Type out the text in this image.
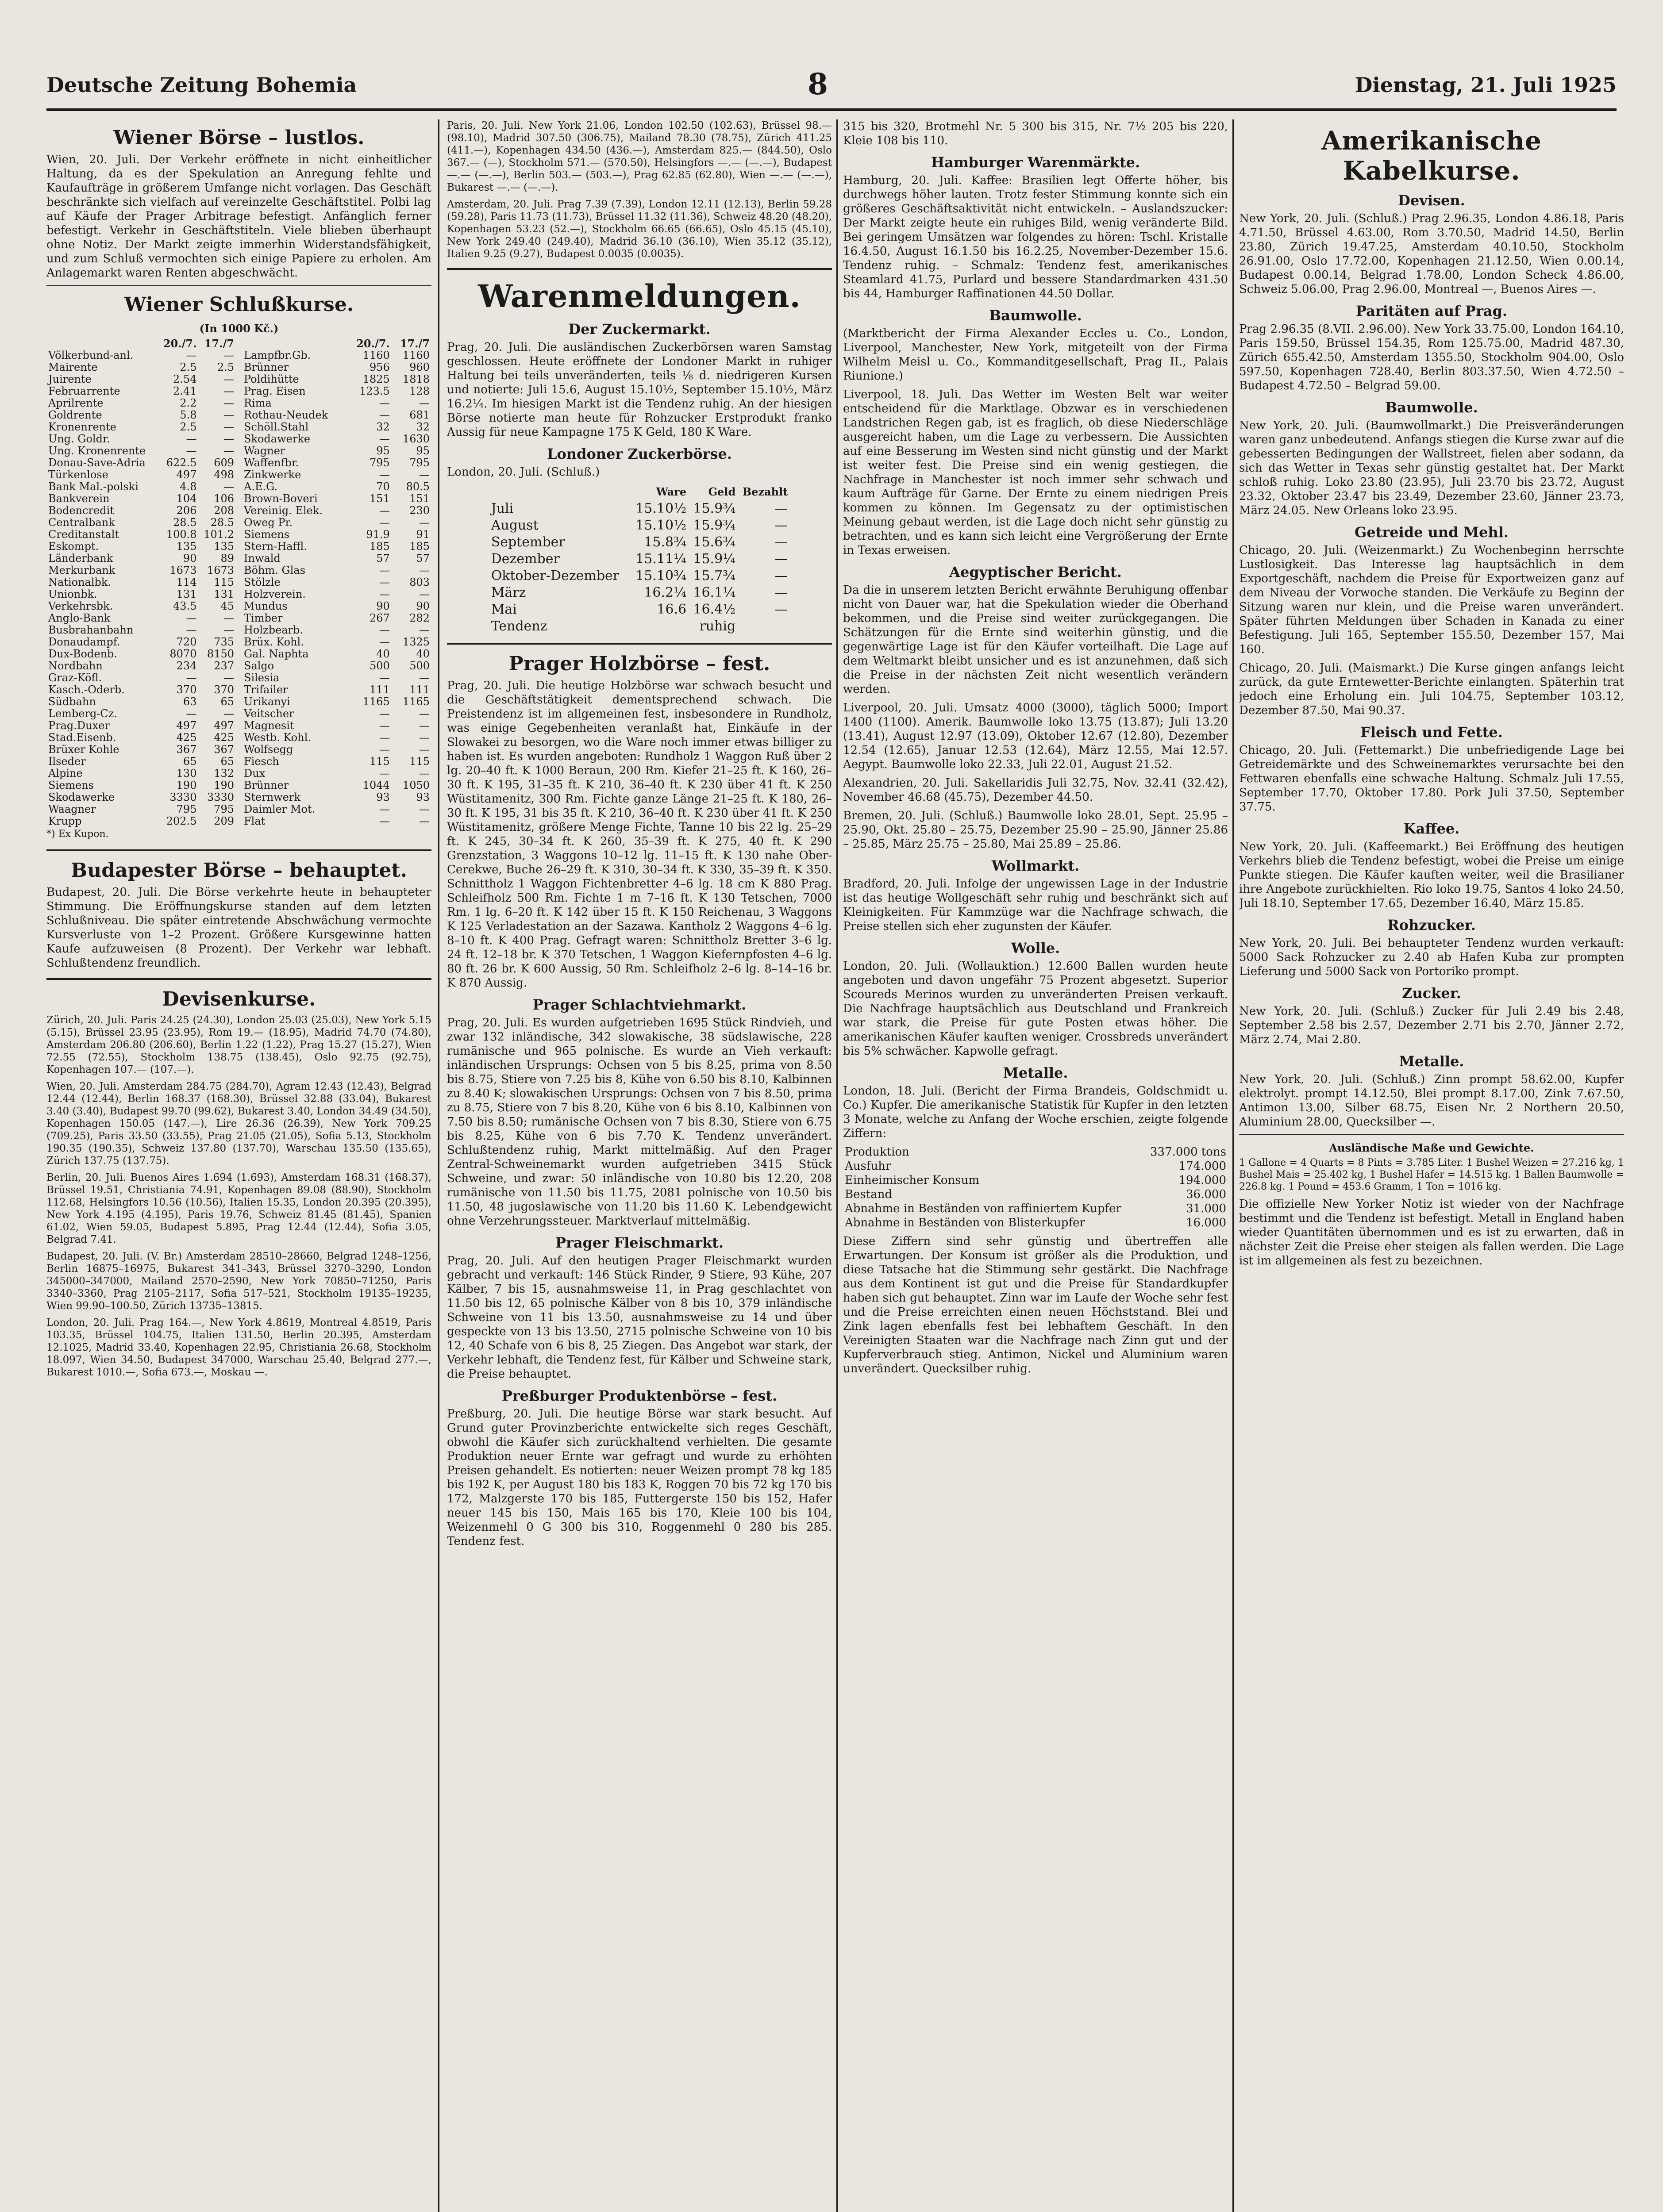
Deutsche Zeitung Bohemia	8	Dienstag, 21. Juli 1925
Wiener Börse – lustlos.

Wien, 20. Juli. Der Verkehr eröffnete in nicht einheitlicher Haltung, da es der Spekulation an Anregung fehlte und Kaufaufträge in größerem Umfange nicht vorlagen. Das Geschäft beschränkte sich vielfach auf vereinzelte Geschäftstitel. Polbi lag auf Käufe der Prager Arbitrage befestigt. Anfänglich ferner befestigt. Verkehr in Geschäftstiteln. Viele blieben überhaupt ohne Notiz. Der Markt zeigte immerhin Widerstandsfähigkeit, und zum Schluß vermochten sich einige Papiere zu erholen. Am Anlagemarkt waren Renten abgeschwächt.

Wiener Schlußkurse.
(In 1000 Kč.)
	20./7.	17./7
Völkerbund-anl.	—	—
Mairente	2.5	2.5
Juirente	2.54	—
Februarrente	2.41	—
Aprilrente	2.2	—
Goldrente	5.8	—
Kronenrente	2.5	—
Ung. Goldr.	—	—
Ung. Kronenrente	—	—
Donau-Save-Adria	622.5	609
Türkenlose	497	498
Bank Mal.-polski	4.8	—
Bankverein	104	106
Bodencredit	206	208
Centralbank	28.5	28.5
Creditanstalt	100.8	101.2
Eskompt.	135	135
Länderbank	90	89
Merkurbank	1673	1673
Nationalbk.	114	115
Unionbk.	131	131
Verkehrsbk.	43.5	45
Anglo-Bank	—	—
Busbrahanbahn	—	—
Donaudampf.	720	735
Dux-Bodenb.	8070	8150
Nordbahn	234	237
Graz-Köfl.	—	—
Kasch.-Oderb.	370	370
Südbahn	63	65
Lemberg-Cz.	—	—
Prag.Duxer	497	497
Stad.Eisenb.	425	425
Brüxer Kohle	367	367
Ilseder	65	65
Alpine	130	132
Siemens	190	190
Skodawerke	3330	3330
Waagner	795	795
Krupp	202.5	209
	20./7.	17./7
Lampfbr.Gb.	1160	1160
Brünner	956	960
Poldihütte	1825	1818
Prag. Eisen	123.5	128
Rima	—	—
Rothau-Neudek	—	681
Schöll.Stahl	32	32
Skodawerke	—	1630
Wagner	95	95
Waffenfbr.	795	795
Zinkwerke	—	—
A.E.G.	70	80.5
Brown-Boveri	151	151
Vereinig. Elek.	—	230
Oweg Pr.	—	—
Siemens	91.9	91
Stern-Haffl.	185	185
Inwald	57	57
Böhm. Glas	—	—
Stölzle	—	803
Holzverein.	—	—
Mundus	90	90
Timber	267	282
Holzbearb.	—	—
Brüx. Kohl.	—	1325
Gal. Naphta	40	40
Salgo	500	500
Silesia	—	—
Trifailer	111	111
Urikanyi	1165	1165
Veitscher	—	—
Magnesit	—	—
Westb. Kohl.	—	—
Wolfsegg	—	—
Fiesch	115	115
Dux	—	—
Brünner	1044	1050
Sternwerk	93	93
Daimler Mot.	—	—
Flat	—	—

*) Ex Kupon.

Budapester Börse – behauptet.

Budapest, 20. Juli. Die Börse verkehrte heute in behaupteter Stimmung. Die Eröffnungskurse standen auf dem letzten Schlußniveau. Die später eintretende Abschwächung vermochte Kursverluste von 1–2 Prozent. Größere Kursgewinne hatten Kaufe aufzuweisen (8 Prozent). Der Verkehr war lebhaft. Schlußtendenz freundlich.

Devisenkurse.

Zürich, 20. Juli. Paris 24.25 (24.30), London 25.03 (25.03), New York 5.15 (5.15), Brüssel 23.95 (23.95), Rom 19.— (18.95), Madrid 74.70 (74.80), Amsterdam 206.80 (206.60), Berlin 1.22 (1.22), Prag 15.27 (15.27), Wien 72.55 (72.55), Stockholm 138.75 (138.45), Oslo 92.75 (92.75), Kopenhagen 107.— (107.—).

Wien, 20. Juli. Amsterdam 284.75 (284.70), Agram 12.43 (12.43), Belgrad 12.44 (12.44), Berlin 168.37 (168.30), Brüssel 32.88 (33.04), Bukarest 3.40 (3.40), Budapest 99.70 (99.62), Bukarest 3.40, London 34.49 (34.50), Kopenhagen 150.05 (147.—), Lire 26.36 (26.39), New York 709.25 (709.25), Paris 33.50 (33.55), Prag 21.05 (21.05), Sofia 5.13, Stockholm 190.35 (190.35), Schweiz 137.80 (137.70), Warschau 135.50 (135.65), Zürich 137.75 (137.75).

Berlin, 20. Juli. Buenos Aires 1.694 (1.693), Amsterdam 168.31 (168.37), Brüssel 19.51, Christiania 74.91, Kopenhagen 89.08 (88.90), Stockholm 112.68, Helsingfors 10.56 (10.56), Italien 15.35, London 20.395 (20.395), New York 4.195 (4.195), Paris 19.76, Schweiz 81.45 (81.45), Spanien 61.02, Wien 59.05, Budapest 5.895, Prag 12.44 (12.44), Sofia 3.05, Belgrad 7.41.

Budapest, 20. Juli. (V. Br.) Amsterdam 28510–28660, Belgrad 1248–1256, Berlin 16875–16975, Bukarest 341–343, Brüssel 3270–3290, London 345000–347000, Mailand 2570–2590, New York 70850–71250, Paris 3340–3360, Prag 2105–2117, Sofia 517–521, Stockholm 19135–19235, Wien 99.90–100.50, Zürich 13735–13815.

London, 20. Juli. Prag 164.—, New York 4.8619, Montreal 4.8519, Paris 103.35, Brüssel 104.75, Italien 131.50, Berlin 20.395, Amsterdam 12.1025, Madrid 33.40, Kopenhagen 22.95, Christiania 26.68, Stockholm 18.097, Wien 34.50, Budapest 347000, Warschau 25.40, Belgrad 277.—, Bukarest 1010.—, Sofia 673.—, Moskau —.

Paris, 20. Juli. New York 21.06, London 102.50 (102.63), Brüssel 98.— (98.10), Madrid 307.50 (306.75), Mailand 78.30 (78.75), Zürich 411.25 (411.—), Kopenhagen 434.50 (436.—), Amsterdam 825.— (844.50), Oslo 367.— (—), Stockholm 571.— (570.50), Helsingfors —.— (—.—), Budapest —.— (—.—), Berlin 503.— (503.—), Prag 62.85 (62.80), Wien —.— (—.—), Bukarest —.— (—.—).

Amsterdam, 20. Juli. Prag 7.39 (7.39), London 12.11 (12.13), Berlin 59.28 (59.28), Paris 11.73 (11.73), Brüssel 11.32 (11.36), Schweiz 48.20 (48.20), Kopenhagen 53.23 (52.—), Stockholm 66.65 (66.65), Oslo 45.15 (45.10), New York 249.40 (249.40), Madrid 36.10 (36.10), Wien 35.12 (35.12), Italien 9.25 (9.27), Budapest 0.0035 (0.0035).

Warenmeldungen.
Der Zuckermarkt.

Prag, 20. Juli. Die ausländischen Zuckerbörsen waren Samstag geschlossen. Heute eröffnete der Londoner Markt in ruhiger Haltung bei teils unveränderten, teils ⅛ d. niedrigeren Kursen und notierte: Juli 15.6, August 15.10½, September 15.10½, März 16.2¼. Im hiesigen Markt ist die Tendenz ruhig. An der hiesigen Börse notierte man heute für Rohzucker Erstprodukt franko Aussig für neue Kampagne 175 K Geld, 180 K Ware.

Londoner Zuckerbörse.

London, 20. Juli. (Schluß.)

	Ware	Geld	Bezahlt
Juli	15.10½	15.9¾	—
August	15.10½	15.9¾	—
September	15.8¾	15.6¾	—
Dezember	15.11¼	15.9¼	—
Oktober-Dezember	15.10¾	15.7¾	—
März	16.2¼	16.1¼	—
Mai	16.6	16.4½	—
Tendenz		ruhig	
Prager Holzbörse – fest.

Prag, 20. Juli. Die heutige Holzbörse war schwach besucht und die Geschäftstätigkeit dementsprechend schwach. Die Preistendenz ist im allgemeinen fest, insbesondere in Rundholz, was einige Gegebenheiten veranlaßt hat, Einkäufe in der Slowakei zu besorgen, wo die Ware noch immer etwas billiger zu haben ist. Es wurden angeboten: Rundholz 1 Waggon Ruß über 2 lg. 20–40 ft. K 1000 Beraun, 200 Rm. Kiefer 21–25 ft. K 160, 26–30 ft. K 195, 31–35 ft. K 210, 36–40 ft. K 230 über 41 ft. K 250 Wüstitamenitz, 300 Rm. Fichte ganze Länge 21–25 ft. K 180, 26–30 ft. K 195, 31 bis 35 ft. K 210, 36–40 ft. K 230 über 41 ft. K 250 Wüstitamenitz, größere Menge Fichte, Tanne 10 bis 22 lg. 25–29 ft. K 245, 30–34 ft. K 260, 35–39 ft. K 275, 40 ft. K 290 Grenzstation, 3 Waggons 10–12 lg. 11–15 ft. K 130 nahe Ober-Cerekwe, Buche 26–29 ft. K 310, 30–34 ft. K 330, 35–39 ft. K 350. Schnittholz 1 Waggon Fichtenbretter 4–6 lg. 18 cm K 880 Prag. Schleifholz 500 Rm. Fichte 1 m 7–16 ft. K 130 Tetschen, 7000 Rm. 1 lg. 6–20 ft. K 142 über 15 ft. K 150 Reichenau, 3 Waggons K 125 Verladestation an der Sazawa. Kantholz 2 Waggons 4–6 lg. 8–10 ft. K 400 Prag. Gefragt waren: Schnittholz Bretter 3–6 lg. 24 ft. 12–18 br. K 370 Tetschen, 1 Waggon Kiefernpfosten 4–6 lg. 80 ft. 26 br. K 600 Aussig, 50 Rm. Schleifholz 2–6 lg. 8–14–16 br. K 870 Aussig.

Prager Schlachtviehmarkt.

Prag, 20. Juli. Es wurden aufgetrieben 1695 Stück Rindvieh, und zwar 132 inländische, 342 slowakische, 38 südslawische, 228 rumänische und 965 polnische. Es wurde an Vieh verkauft: inländischen Ursprungs: Ochsen von 5 bis 8.25, prima von 8.50 bis 8.75, Stiere von 7.25 bis 8, Kühe von 6.50 bis 8.10, Kalbinnen zu 8.40 K; slowakischen Ursprungs: Ochsen von 7 bis 8.50, prima zu 8.75, Stiere von 7 bis 8.20, Kühe von 6 bis 8.10, Kalbinnen von 7.50 bis 8.50; rumänische Ochsen von 7 bis 8.30, Stiere von 6.75 bis 8.25, Kühe von 6 bis 7.70 K. Tendenz unverändert. Schlußtendenz ruhig, Markt mittelmäßig. Auf den Prager Zentral-Schweinemarkt wurden aufgetrieben 3415 Stück Schweine, und zwar: 50 inländische von 10.80 bis 12.20, 208 rumänische von 11.50 bis 11.75, 2081 polnische von 10.50 bis 11.50, 48 jugoslawische von 11.20 bis 11.60 K. Lebendgewicht ohne Verzehrungssteuer. Marktverlauf mittelmäßig.

Prager Fleischmarkt.

Prag, 20. Juli. Auf den heutigen Prager Fleischmarkt wurden gebracht und verkauft: 146 Stück Rinder, 9 Stiere, 93 Kühe, 207 Kälber, 7 bis 15, ausnahmsweise 11, in Prag geschlachtet von 11.50 bis 12, 65 polnische Kälber von 8 bis 10, 379 inländische Schweine von 11 bis 13.50, ausnahmsweise zu 14 und über gespeckte von 13 bis 13.50, 2715 polnische Schweine von 10 bis 12, 40 Schafe von 6 bis 8, 25 Ziegen. Das Angebot war stark, der Verkehr lebhaft, die Tendenz fest, für Kälber und Schweine stark, die Preise behauptet.

Preßburger Produktenbörse – fest.

Preßburg, 20. Juli. Die heutige Börse war stark besucht. Auf Grund guter Provinzberichte entwickelte sich reges Geschäft, obwohl die Käufer sich zurückhaltend verhielten. Die gesamte Produktion neuer Ernte war gefragt und wurde zu erhöhten Preisen gehandelt. Es notierten: neuer Weizen prompt 78 kg 185 bis 192 K, per August 180 bis 183 K, Roggen 70 bis 72 kg 170 bis 172, Malzgerste 170 bis 185, Futtergerste 150 bis 152, Hafer neuer 145 bis 150, Mais 165 bis 170, Kleie 100 bis 104, Weizenmehl 0 G 300 bis 310, Roggenmehl 0 280 bis 285. Tendenz fest.

315 bis 320, Brotmehl Nr. 5 300 bis 315, Nr. 7½ 205 bis 220, Kleie 108 bis 110.

Hamburger Warenmärkte.

Hamburg, 20. Juli. Kaffee: Brasilien legt Offerte höher, bis durchwegs höher lauten. Trotz fester Stimmung konnte sich ein größeres Geschäftsaktivität nicht entwickeln. – Auslandszucker: Der Markt zeigte heute ein ruhiges Bild, wenig veränderte Bild. Bei geringem Umsätzen war folgendes zu hören: Tschl. Kristalle 16.4.50, August 16.1.50 bis 16.2.25, November-Dezember 15.6. Tendenz ruhig. – Schmalz: Tendenz fest, amerikanisches Steamlard 41.75, Purlard und bessere Standardmarken 431.50 bis 44, Hamburger Raffinationen 44.50 Dollar.

Baumwolle.

(Marktbericht der Firma Alexander Eccles u. Co., London, Liverpool, Manchester, New York, mitgeteilt von der Firma Wilhelm Meisl u. Co., Kommanditgesellschaft, Prag II., Palais Riunione.)

Liverpool, 18. Juli. Das Wetter im Westen Belt war weiter entscheidend für die Marktlage. Obzwar es in verschiedenen Landstrichen Regen gab, ist es fraglich, ob diese Niederschläge ausgereicht haben, um die Lage zu verbessern. Die Aussichten auf eine Besserung im Westen sind nicht günstig und der Markt ist weiter fest. Die Preise sind ein wenig gestiegen, die Nachfrage in Manchester ist noch immer sehr schwach und kaum Aufträge für Garne. Der Ernte zu einem niedrigen Preis kommen zu können. Im Gegensatz zu der optimistischen Meinung gebaut werden, ist die Lage doch nicht sehr günstig zu betrachten, und es kann sich leicht eine Vergrößerung der Ernte in Texas erweisen.

Aegyptischer Bericht.

Da die in unserem letzten Bericht erwähnte Beruhigung offenbar nicht von Dauer war, hat die Spekulation wieder die Oberhand bekommen, und die Preise sind weiter zurückgegangen. Die Schätzungen für die Ernte sind weiterhin günstig, und die gegenwärtige Lage ist für den Käufer vorteilhaft. Die Lage auf dem Weltmarkt bleibt unsicher und es ist anzunehmen, daß sich die Preise in der nächsten Zeit nicht wesentlich verändern werden.

Liverpool, 20. Juli. Umsatz 4000 (3000), täglich 5000; Import 1400 (1100). Amerik. Baumwolle loko 13.75 (13.87); Juli 13.20 (13.41), August 12.97 (13.09), Oktober 12.67 (12.80), Dezember 12.54 (12.65), Januar 12.53 (12.64), März 12.55, Mai 12.57. Aegypt. Baumwolle loko 22.33, Juli 22.01, August 21.52.

Alexandrien, 20. Juli. Sakellaridis Juli 32.75, Nov. 32.41 (32.42), November 46.68 (45.75), Dezember 44.50.

Bremen, 20. Juli. (Schluß.) Baumwolle loko 28.01, Sept. 25.95 – 25.90, Okt. 25.80 – 25.75, Dezember 25.90 – 25.90, Jänner 25.86 – 25.85, März 25.75 – 25.80, Mai 25.89 – 25.86.

Wollmarkt.

Bradford, 20. Juli. Infolge der ungewissen Lage in der Industrie ist das heutige Wollgeschäft sehr ruhig und beschränkt sich auf Kleinigkeiten. Für Kammzüge war die Nachfrage schwach, die Preise stellen sich eher zugunsten der Käufer.

Wolle.

London, 20. Juli. (Wollauktion.) 12.600 Ballen wurden heute angeboten und davon ungefähr 75 Prozent abgesetzt. Superior Scoureds Merinos wurden zu unveränderten Preisen verkauft. Die Nachfrage hauptsächlich aus Deutschland und Frankreich war stark, die Preise für gute Posten etwas höher. Die amerikanischen Käufer kauften weniger. Crossbreds unverändert bis 5% schwächer. Kapwolle gefragt.

Metalle.

London, 18. Juli. (Bericht der Firma Brandeis, Goldschmidt u. Co.) Kupfer. Die amerikanische Statistik für Kupfer in den letzten 3 Monate, welche zu Anfang der Woche erschien, zeigte folgende Ziffern:

Produktion	337.000 tons
Ausfuhr	174.000
Einheimischer Konsum	194.000
Bestand	36.000
Abnahme in Beständen von raffiniertem Kupfer	31.000
Abnahme in Beständen von Blisterkupfer	16.000

Diese Ziffern sind sehr günstig und übertreffen alle Erwartungen. Der Konsum ist größer als die Produktion, und diese Tatsache hat die Stimmung sehr gestärkt. Die Nachfrage aus dem Kontinent ist gut und die Preise für Standardkupfer haben sich gut behauptet. Zinn war im Laufe der Woche sehr fest und die Preise erreichten einen neuen Höchststand. Blei und Zink lagen ebenfalls fest bei lebhaftem Geschäft. In den Vereinigten Staaten war die Nachfrage nach Zinn gut und der Kupferverbrauch stieg. Antimon, Nickel und Aluminium waren unverändert. Quecksilber ruhig.

Amerikanische Kabelkurse.
Devisen.

New York, 20. Juli. (Schluß.) Prag 2.96.35, London 4.86.18, Paris 4.71.50, Brüssel 4.63.00, Rom 3.70.50, Madrid 14.50, Berlin 23.80, Zürich 19.47.25, Amsterdam 40.10.50, Stockholm 26.91.00, Oslo 17.72.00, Kopenhagen 21.12.50, Wien 0.00.14, Budapest 0.00.14, Belgrad 1.78.00, London Scheck 4.86.00, Schweiz 5.06.00, Prag 2.96.00, Montreal —, Buenos Aires —.

Paritäten auf Prag.

Prag 2.96.35 (8.VII. 2.96.00). New York 33.75.00, London 164.10, Paris 159.50, Brüssel 154.35, Rom 125.75.00, Madrid 487.30, Zürich 655.42.50, Amsterdam 1355.50, Stockholm 904.00, Oslo 597.50, Kopenhagen 728.40, Berlin 803.37.50, Wien 4.72.50 – Budapest 4.72.50 – Belgrad 59.00.

Baumwolle.

New York, 20. Juli. (Baumwollmarkt.) Die Preisveränderungen waren ganz unbedeutend. Anfangs stiegen die Kurse zwar auf die gebesserten Bedingungen der Wallstreet, fielen aber sodann, da sich das Wetter in Texas sehr günstig gestaltet hat. Der Markt schloß ruhig. Loko 23.80 (23.95), Juli 23.70 bis 23.72, August 23.32, Oktober 23.47 bis 23.49, Dezember 23.60, Jänner 23.73, März 24.05. New Orleans loko 23.95.

Getreide und Mehl.

Chicago, 20. Juli. (Weizenmarkt.) Zu Wochenbeginn herrschte Lustlosigkeit. Das Interesse lag hauptsächlich in dem Exportgeschäft, nachdem die Preise für Exportweizen ganz auf dem Niveau der Vorwoche standen. Die Verkäufe zu Beginn der Sitzung waren nur klein, und die Preise waren unverändert. Später führten Meldungen über Schaden in Kanada zu einer Befestigung. Juli 165, September 155.50, Dezember 157, Mai 160.

Chicago, 20. Juli. (Maismarkt.) Die Kurse gingen anfangs leicht zurück, da gute Erntewetter-Berichte einlangten. Späterhin trat jedoch eine Erholung ein. Juli 104.75, September 103.12, Dezember 87.50, Mai 90.37.

Fleisch und Fette.

Chicago, 20. Juli. (Fettemarkt.) Die unbefriedigende Lage bei Getreidemärkte und des Schweinemarktes verursachte bei den Fettwaren ebenfalls eine schwache Haltung. Schmalz Juli 17.55, September 17.70, Oktober 17.80. Pork Juli 37.50, September 37.75.

Kaffee.

New York, 20. Juli. (Kaffeemarkt.) Bei Eröffnung des heutigen Verkehrs blieb die Tendenz befestigt, wobei die Preise um einige Punkte stiegen. Die Käufer kauften weiter, weil die Brasilianer ihre Angebote zurückhielten. Rio loko 19.75, Santos 4 loko 24.50, Juli 18.10, September 17.65, Dezember 16.40, März 15.85.

Rohzucker.

New York, 20. Juli. Bei behaupteter Tendenz wurden verkauft: 5000 Sack Rohzucker zu 2.40 ab Hafen Kuba zur prompten Lieferung und 5000 Sack von Portoriko prompt.

Zucker.

New York, 20. Juli. (Schluß.) Zucker für Juli 2.49 bis 2.48, September 2.58 bis 2.57, Dezember 2.71 bis 2.70, Jänner 2.72, März 2.74, Mai 2.80.

Metalle.

New York, 20. Juli. (Schluß.) Zinn prompt 58.62.00, Kupfer elektrolyt. prompt 14.12.50, Blei prompt 8.17.00, Zink 7.67.50, Antimon 13.00, Silber 68.75, Eisen Nr. 2 Northern 20.50, Aluminium 28.00, Quecksilber —.

Ausländische Maße und Gewichte.

1 Gallone = 4 Quarts = 8 Pints = 3.785 Liter. 1 Bushel Weizen = 27.216 kg, 1 Bushel Mais = 25.402 kg, 1 Bushel Hafer = 14.515 kg. 1 Ballen Baumwolle = 226.8 kg. 1 Pound = 453.6 Gramm, 1 Ton = 1016 kg.

Die offizielle New Yorker Notiz ist wieder von der Nachfrage bestimmt und die Tendenz ist befestigt. Metall in England haben wieder Quantitäten übernommen und es ist zu erwarten, daß in nächster Zeit die Preise eher steigen als fallen werden. Die Lage ist im allgemeinen als fest zu bezeichnen.
